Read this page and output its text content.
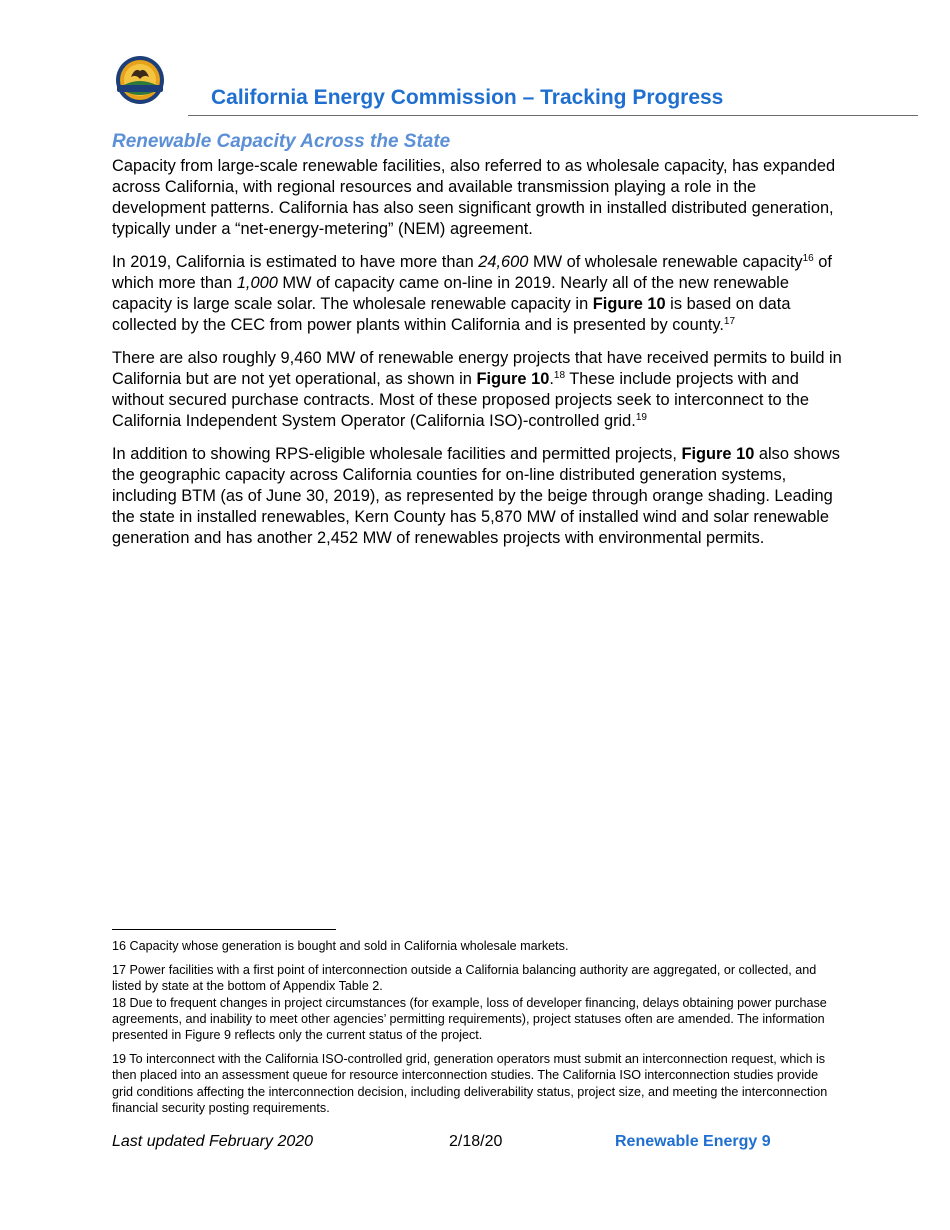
California Energy Commission – Tracking Progress
Renewable Capacity Across the State

Capacity from large-scale renewable facilities, also referred to as wholesale capacity, has expanded across California, with regional resources and available transmission playing a role in the development patterns. California has also seen significant growth in installed distributed generation, typically under a “net-energy-metering” (NEM) agreement.

In 2019, California is estimated to have more than 24,600 MW of wholesale renewable capacity$^{16}$ of which more than 1,000 MW of capacity came on-line in 2019. Nearly all of the new renewable capacity is large scale solar. The wholesale renewable capacity in Figure 10 is based on data collected by the CEC from power plants within California and is presented by county.$^{17}$

There are also roughly 9,460 MW of renewable energy projects that have received permits to build in California but are not yet operational, as shown in Figure 10.18 These include projects with and without secured purchase contracts. Most of these proposed projects seek to interconnect to the California Independent System Operator (California ISO)-controlled grid.$^{19}$

In addition to showing RPS-eligible wholesale facilities and permitted projects, Figure 10 also shows the geographic capacity across California counties for on-line distributed generation systems, including BTM (as of June 30, 2019), as represented by the beige through orange shading. Leading the state in installed renewables, Kern County has 5,870 MW of installed wind and solar renewable generation and has another 2,452 MW of renewables projects with environmental permits.

16 Capacity whose generation is bought and sold in California wholesale markets.

17 Power facilities with a first point of interconnection outside a California balancing authority are aggregated, or collected, and listed by state at the bottom of Appendix Table 2.

18 Due to frequent changes in project circumstances (for example, loss of developer financing, delays obtaining power purchase agreements, and inability to meet other agencies’ permitting requirements), project statuses often are amended. The information presented in Figure 9 reflects only the current status of the project.

19 To interconnect with the California ISO-controlled grid, generation operators must submit an interconnection request, which is then placed into an assessment queue for resource interconnection studies. The California ISO interconnection studies provide grid conditions affecting the interconnection decision, including deliverability status, project size, and meeting the interconnection financial security posting requirements.

Last updated February 2020	2/18/20	Renewable Energy 9
